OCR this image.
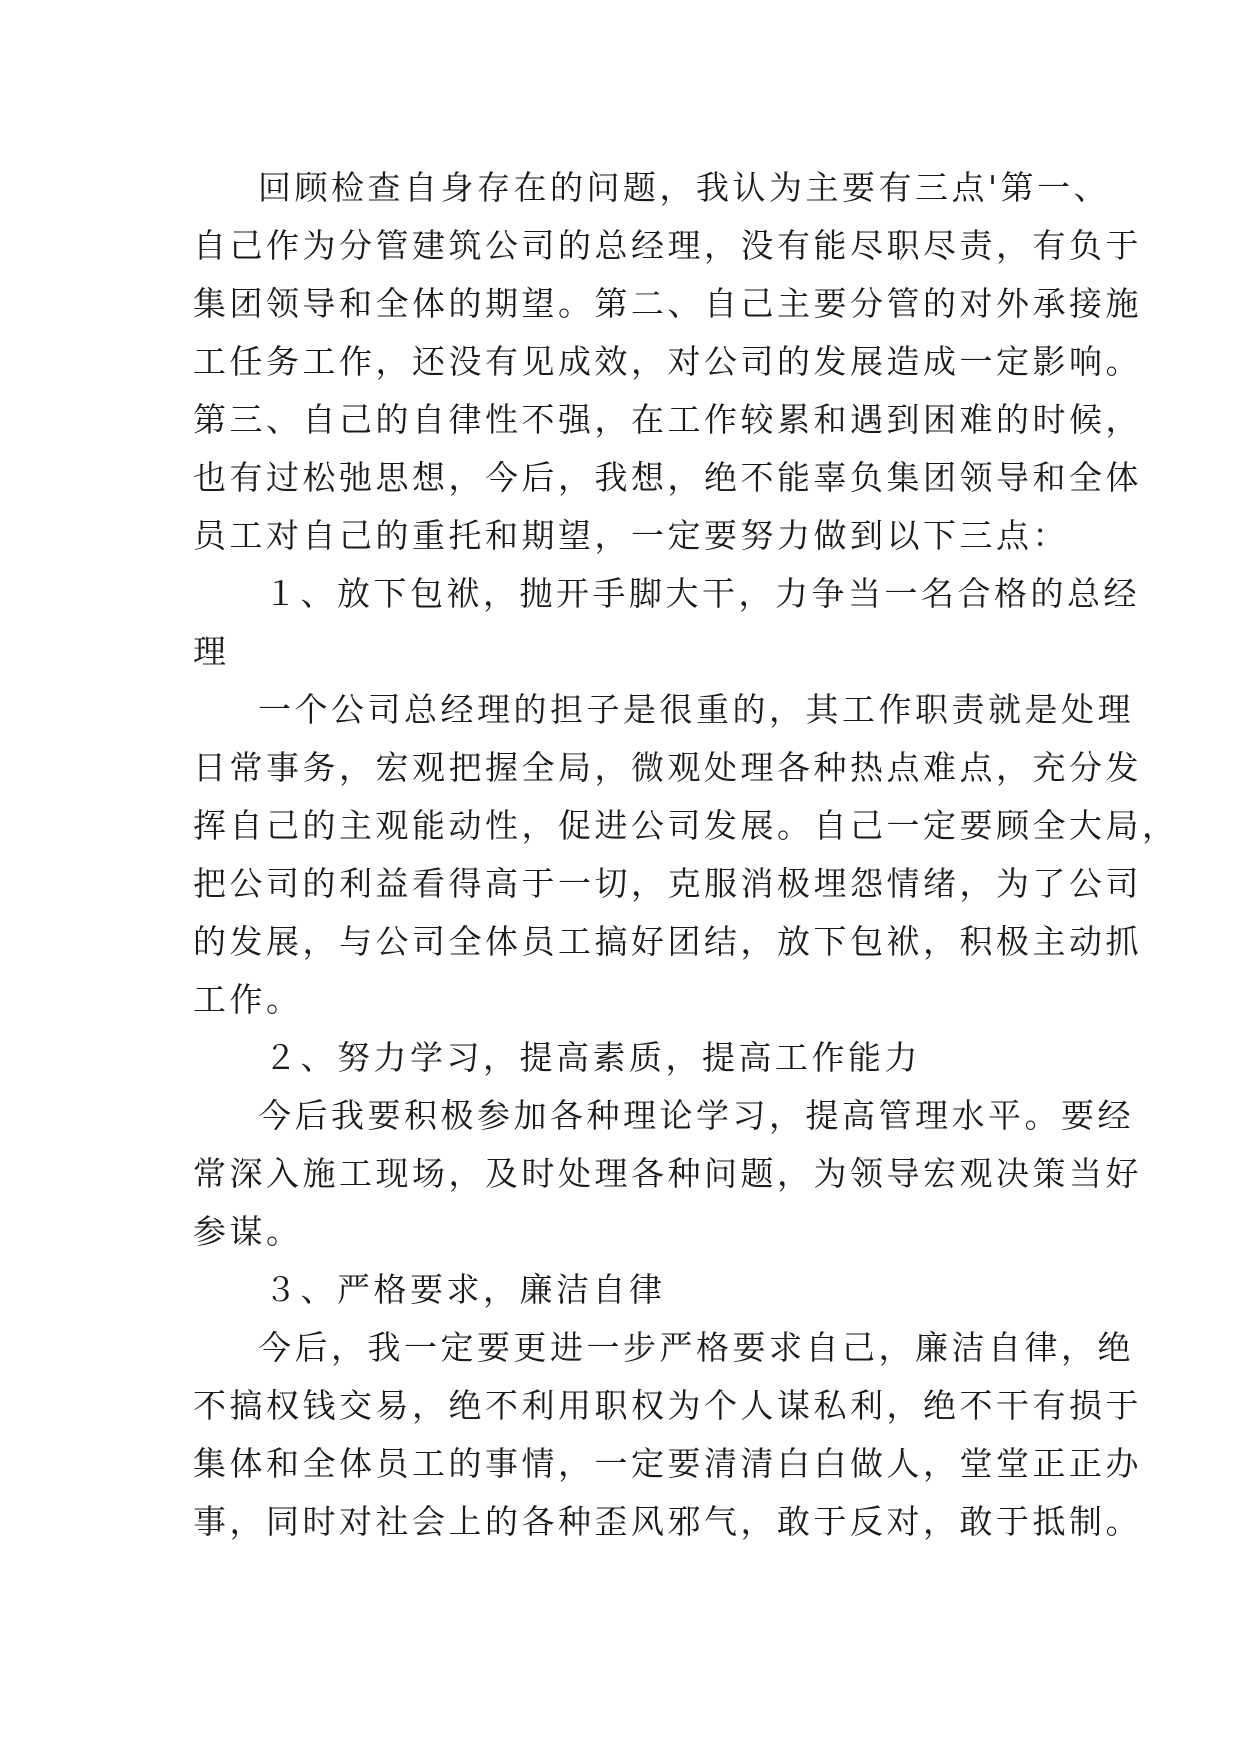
回顾检查自身存在的问题，我认为主要有三点'第一、
自己作为分管建筑公司的总经理，没有能尽职尽责，有负于
集团领导和全体的期望。第二、自己主要分管的对外承接施
工任务工作，还没有见成效，对公司的发展造成一定影响。
第三、自己的自律性不强，在工作较累和遇到困难的时候，
也有过松弛思想，今后，我想，绝不能辜负集团领导和全体
员工对自己的重托和期望，一定要努力做到以下三点：
１、放下包袱，抛开手脚大干，力争当一名合格的总经
理
一个公司总经理的担子是很重的，其工作职责就是处理
日常事务，宏观把握全局，微观处理各种热点难点，充分发
挥自己的主观能动性，促进公司发展。自己一定要顾全大局，
把公司的利益看得高于一切，克服消极埋怨情绪，为了公司
的发展，与公司全体员工搞好团结，放下包袱，积极主动抓
工作。
２、努力学习，提高素质，提高工作能力
今后我要积极参加各种理论学习，提高管理水平。要经
常深入施工现场，及时处理各种问题，为领导宏观决策当好
参谋。
３、严格要求，廉洁自律
今后，我一定要更进一步严格要求自己，廉洁自律，绝
不搞权钱交易，绝不利用职权为个人谋私利，绝不干有损于
集体和全体员工的事情，一定要清清白白做人，堂堂正正办
事，同时对社会上的各种歪风邪气，敢于反对，敢于抵制。
